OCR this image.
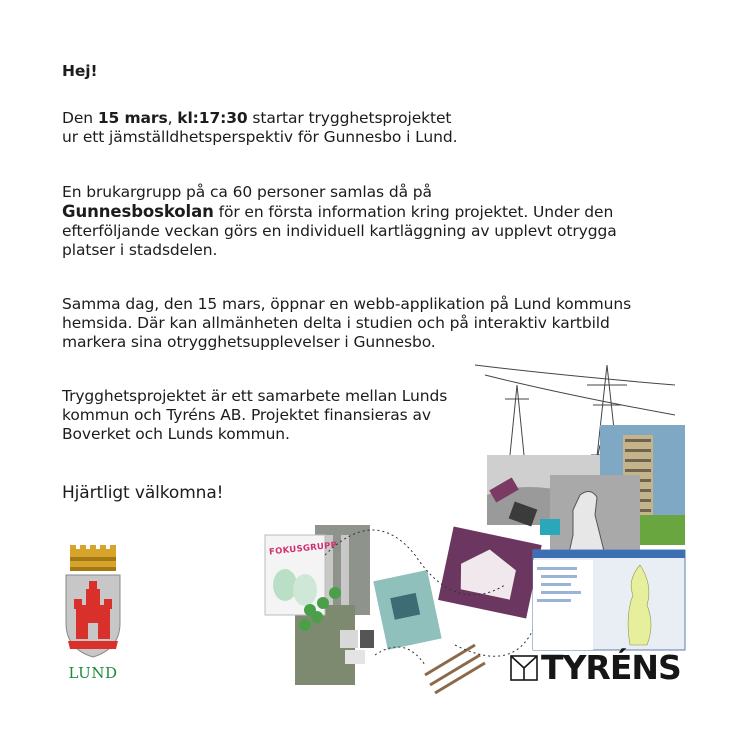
Hej!
Den 15 mars, kl:17:30 startar trygghetsprojektet
ur ett jämställdhetsperspektiv för Gunnesbo i Lund.
En brukargrupp på ca 60 personer samlas då på
Gunnesboskolan för en första information kring projektet. Under den
efterföljande veckan görs en individuell kartläggning av upplevt otrygga
platser i stadsdelen.
Samma dag, den 15 mars, öppnar en webb-applikation på Lund kommuns
hemsida. Där kan allmänheten delta i studien och på interaktiv kartbild
markera sina otrygghetsupplevelser i Gunnesbo.
Trygghetsprojektet är ett samarbete mellan Lunds
kommun och Tyréns AB. Projektet finansieras av
Boverket och Lunds kommun.
Hjärtligt välkomna!
LUND
FOKUSGRUPP
TYRÉNS
